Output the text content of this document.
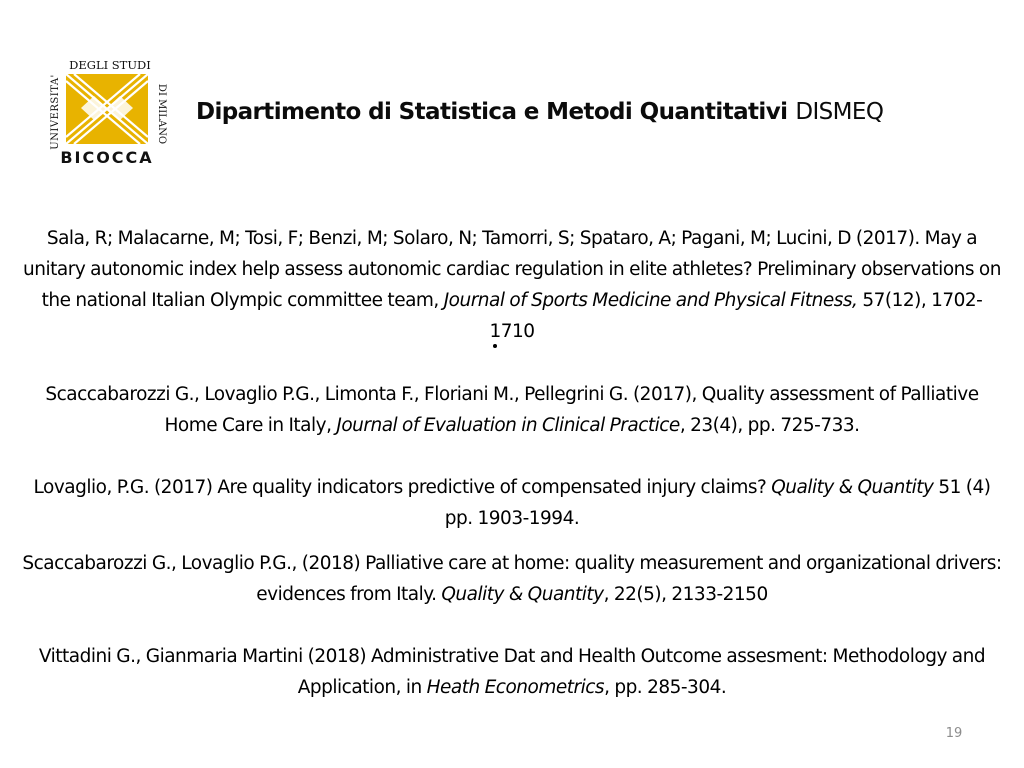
UNIVERSITA'
DEGLI STUDI
DI MILANO
BICOCCA
Dipartimento di Statistica e Metodi Quantitativi DISMEQ

Sala, R; Malacarne, M; Tosi, F; Benzi, M; Solaro, N; Tamorri, S; Spataro, A; Pagani, M; Lucini, D (2017). May a unitary autonomic index help assess autonomic cardiac regulation in elite athletes? Preliminary observations on the national Italian Olympic committee team, Journal of Sports Medicine and Physical Fitness, 57(12), 1702-1710

Scaccabarozzi G., Lovaglio P.G., Limonta F., Floriani M., Pellegrini G. (2017), Quality assessment of Palliative Home Care in Italy, Journal of Evaluation in Clinical Practice, 23(4), pp. 725-733.

Lovaglio, P.G. (2017) Are quality indicators predictive of compensated injury claims? Quality & Quantity 51 (4) pp. 1903-1994.

Scaccabarozzi G., Lovaglio P.G., (2018) Palliative care at home: quality measurement and organizational drivers: evidences from Italy. Quality & Quantity, 22(5), 2133-2150

Vittadini G., Gianmaria Martini (2018) Administrative Dat and Health Outcome assesment: Methodology and Application, in Heath Econometrics, pp. 285-304.

19
